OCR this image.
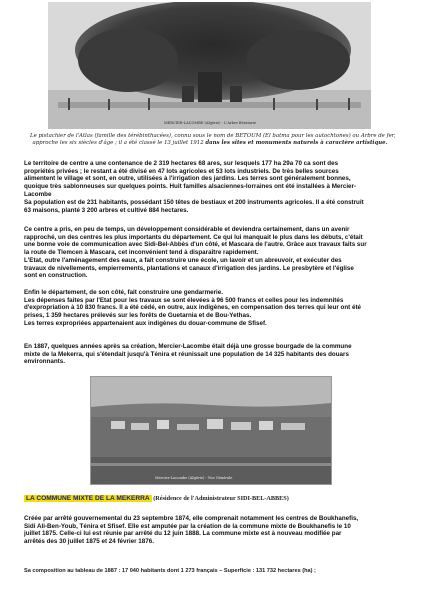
MERCIER-LACOMBE (Algérie) - L'Arbre Bératarie

Le pistachier de l'Atlas (famille des térébinthacées), connu sous le nom de BETOUM (El batma pour les autochtones) ou Arbre de fer,
approche les six siècles d'âge ; il a été classé le 13 juillet 1912 dans les sites et monuments naturels à caractère artistique.

Le territoire de centre a une contenance de 2 319 hectares 68 ares, sur lesquels 177 ha 29a 70 ca sont des
propriétés privées ; le restant a été divisé en 47 lots agricoles et 53 lots industriels. De très belles sources
alimentent le village et sont, en outre, utilisées à l'irrigation des jardins. Les terres sont généralement bonnes,
quoique très sablonneuses sur quelques points. Huit familles alsaciennes-lorraines ont été installées à Mercier-
Lacombe
Sa population est de 231 habitants, possédant 150 têtes de bestiaux et 200 instruments agricoles. Il a été construit
63 maisons, planté 3 200 arbres et cultivé 884 hectares.
Ce centre a pris, en peu de temps, un développement considérable et deviendra certainement, dans un avenir
rapproché, un des centres les plus importants du département. Ce qui lui manquait le plus dans les débuts, c'était
une bonne voie de communication avec Sidi-Bel-Abbès d'un côté, et Mascara de l'autre. Grâce aux travaux faits sur
la route de Tlemcen à Mascara, cet inconvénient tend à disparaître rapidement.
L'Etat, outre l'aménagement des eaux, a fait construire une école, un lavoir et un abreuvoir, et exécuter des
travaux de nivellements, empierrements, plantations et canaux d'irrigation des jardins. Le presbytère et l'église
sont en construction.
Enfin le département, de son côté, fait construire une gendarmerie.
Les dépenses faites par l'Etat pour les travaux se sont élevées à 96 500 francs et celles pour les indemnités
d'expropriation à 10 830 francs. Il a été cédé, en outre, aux indigènes, en compensation des terres qui leur ont été
prises, 1 359 hectares prélevés sur les forêts de Guetarnia et de Bou-Yethas.
Les terres expropriées appartenaient aux indigènes du douar-commune de Sfisef.
En 1887, quelques années après sa création, Mercier-Lacombe était déjà une grosse bourgade de la commune
mixte de la Mekerra, qui s'étendait jusqu'à Ténira et réunissait une population de 14 325 habitants des douars
environnants.
Mercier-Lacombe (Algérie) - Vue Générale
LA COMMUNE MIXTE DE LA MEKERRA (Résidence de l'Administrateur SIDI-BEL-ABBES)
Créée par arrêté gouvernemental du 23 septembre 1874, elle comprenait notamment les centres de Boukhanefis,
Sidi Ali-Ben-Youb, Ténira et Sfisef. Elle est amputée par la création de la commune mixte de Boukhanefis le 10
juillet 1875. Celle-ci lui est réunie par arrêté du 12 juin 1888. La commune mixte est à nouveau modifiée par
arrêtés des 30 juillet 1875 et 24 février 1876.
Sa composition au tableau de 1887 : 17 040 habitants dont 1 273 français – Superficie : 131 732 hectares (ha) ;
